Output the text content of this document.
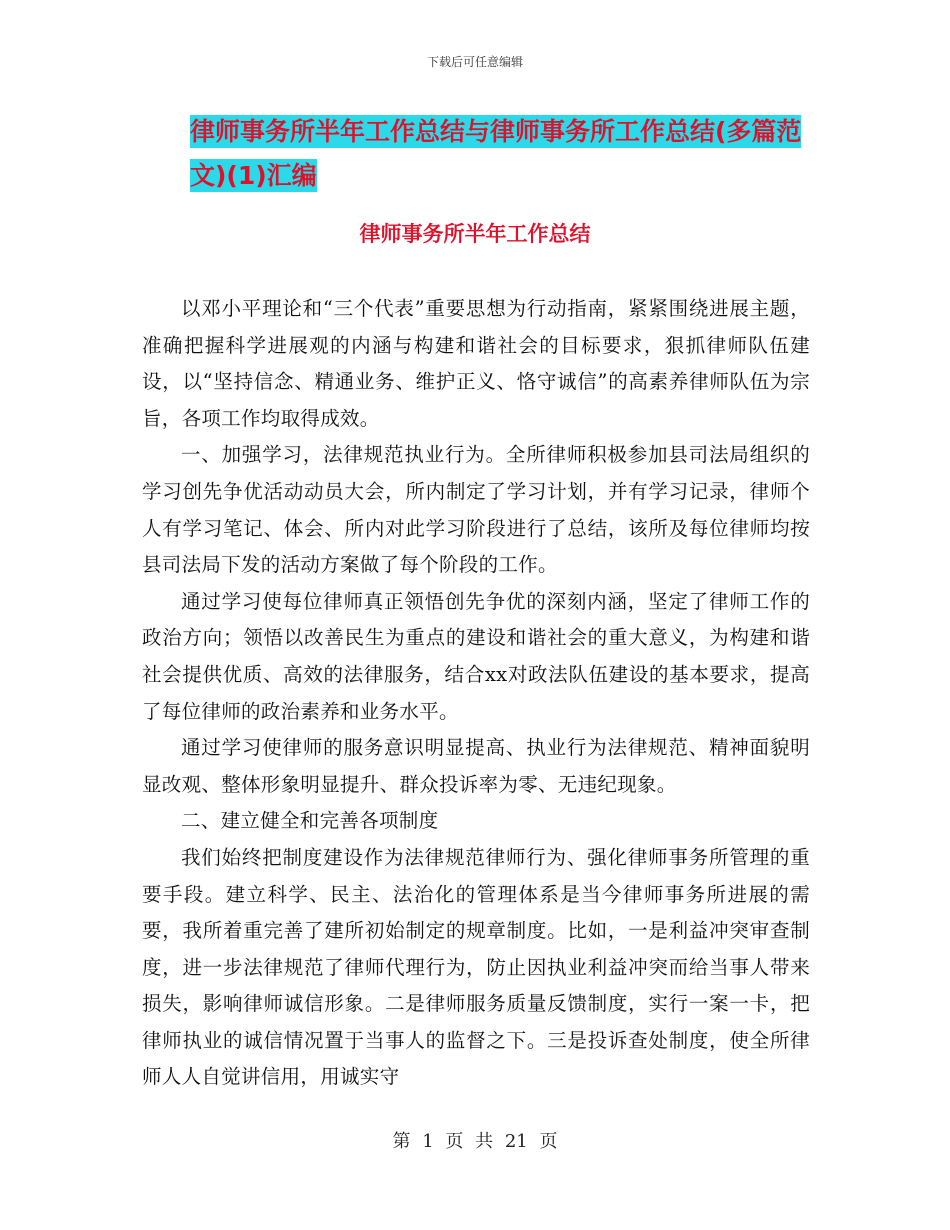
下载后可任意编辑
律师事务所半年工作总结与律师事务所工作总结(多篇范文)(1)汇编
律师事务所半年工作总结

以邓小平理论和“三个代表”重要思想为行动指南，紧紧围绕进展主题，准确把握科学进展观的内涵与构建和谐社会的目标要求，狠抓律师队伍建设，以“坚持信念、精通业务、维护正义、恪守诚信”的高素养律师队伍为宗旨，各项工作均取得成效。

一、加强学习，法律规范执业行为。全所律师积极参加县司法局组织的学习创先争优活动动员大会，所内制定了学习计划，并有学习记录，律师个人有学习笔记、体会、所内对此学习阶段进行了总结，该所及每位律师均按县司法局下发的活动方案做了每个阶段的工作。

通过学习使每位律师真正领悟创先争优的深刻内涵，坚定了律师工作的政治方向；领悟以改善民生为重点的建设和谐社会的重大意义，为构建和谐社会提供优质、高效的法律服务，结合xx对政法队伍建设的基本要求，提高了每位律师的政治素养和业务水平。

通过学习使律师的服务意识明显提高、执业行为法律规范、精神面貌明显改观、整体形象明显提升、群众投诉率为零、无违纪现象。

二、建立健全和完善各项制度

我们始终把制度建设作为法律规范律师行为、强化律师事务所管理的重要手段。建立科学、民主、法治化的管理体系是当今律师事务所进展的需要，我所着重完善了建所初始制定的规章制度。比如，一是利益冲突审查制度，进一步法律规范了律师代理行为，防止因执业利益冲突而给当事人带来损失，影响律师诚信形象。二是律师服务质量反馈制度，实行一案一卡，把律师执业的诚信情况置于当事人的监督之下。三是投诉查处制度，使全所律师人人自觉讲信用，用诚实守

第 1 页 共 21 页
